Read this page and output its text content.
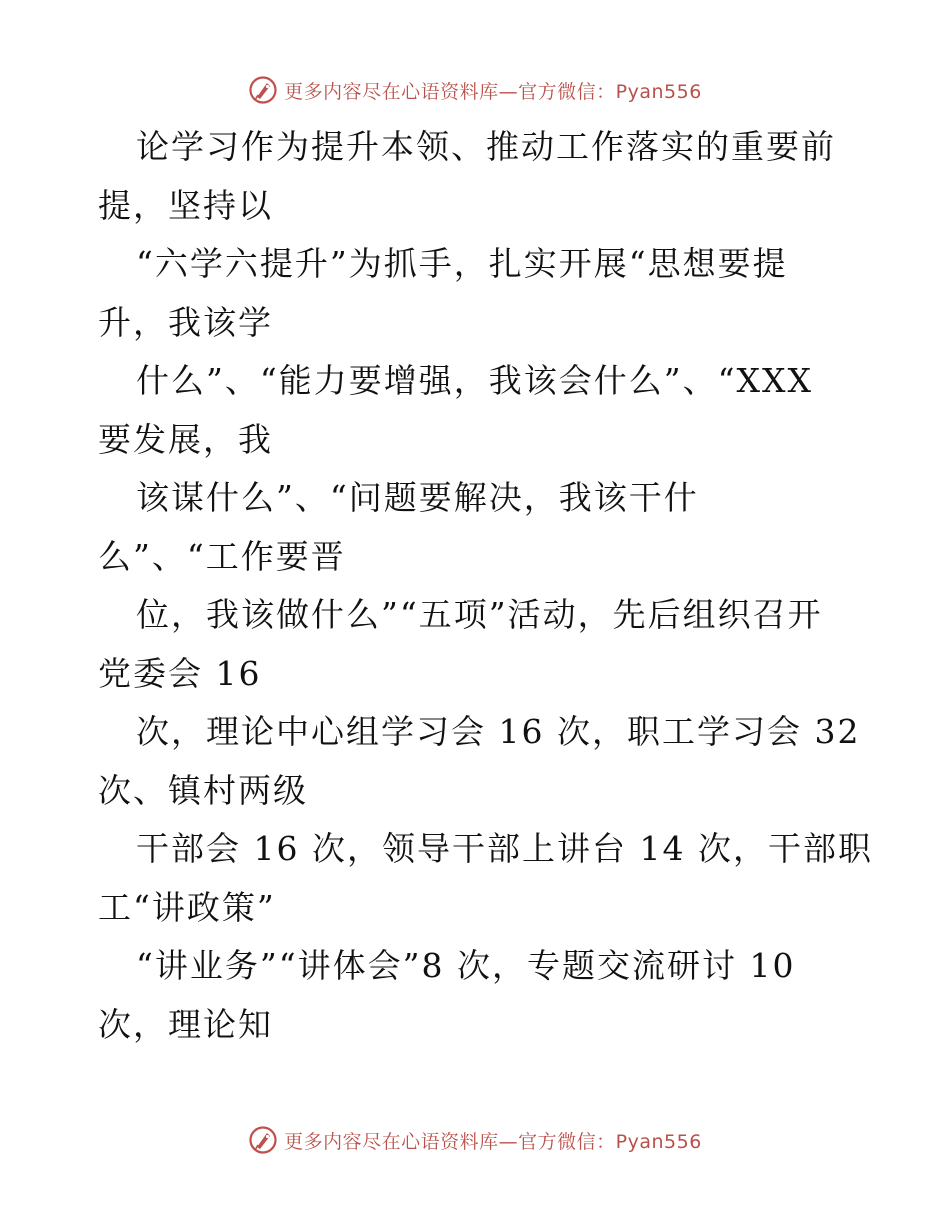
更多内容尽在心语资料库—官方微信：Pyan556
论学习作为提升本领、推动工作落实的重要前
提，坚持以
“六学六提升”为抓手，扎实开展“思想要提
升，我该学
什么”、“能力要增强，我该会什么”、“XXX
要发展，我
该谋什么”、“问题要解决，我该干什
么”、“工作要晋
位，我该做什么”“五项”活动，先后组织召开
党委会 16
次，理论中心组学习会 16 次，职工学习会 32
次、镇村两级
干部会 16 次，领导干部上讲台 14 次，干部职
工“讲政策”
“讲业务”“讲体会”8 次，专题交流研讨 10
次，理论知
更多内容尽在心语资料库—官方微信：Pyan556
